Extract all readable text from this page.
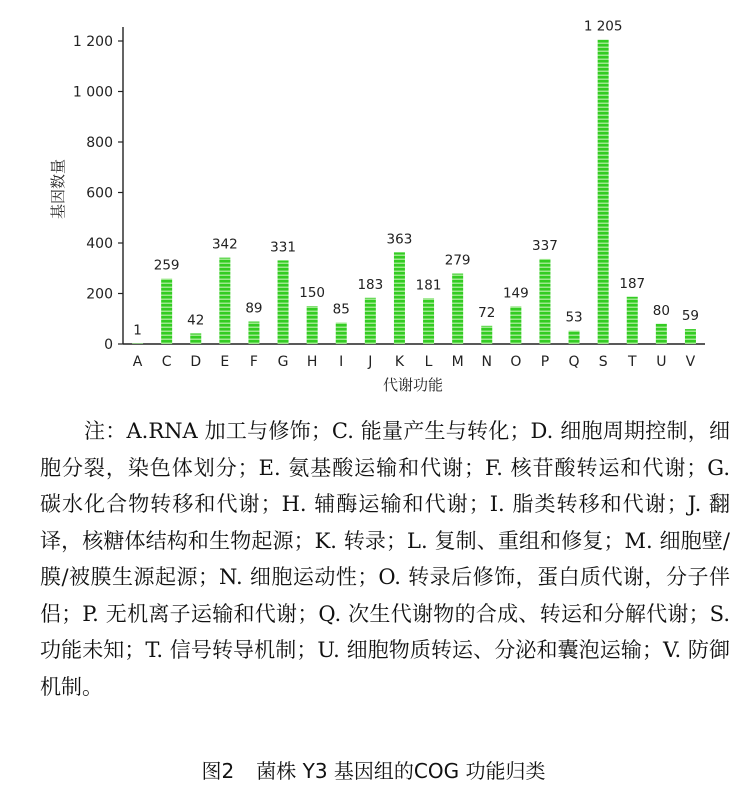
0
200
400
600
800
1 000
1 200
A C D E F G H I J K L M N O P Q S T U V
1
259
42
342
89
331
150
85
183
363
181
279
72
149
337
53
1 205
187
80 59
基因数量
代谢功能

注：A.RNA 加工与修饰；C. 能量产生与转化；D. 细胞周期控制，细胞分裂，染色体划分；E. 氨基酸运输和代谢；F. 核苷酸转运和代谢；G. 碳水化合物转移和代谢；H. 辅酶运输和代谢；I. 脂类转移和代谢；J. 翻译，核糖体结构和生物起源；K. 转录；L. 复制、重组和修复；M. 细胞壁/膜/被膜生源起源；N. 细胞运动性；O. 转录后修饰，蛋白质代谢，分子伴侣；P. 无机离子运输和代谢；Q. 次生代谢物的合成、转运和分解代谢；S. 功能未知；T. 信号转导机制；U. 细胞物质转运、分泌和囊泡运输；V. 防御机制。

图2 菌株 Y3 基因组的COG 功能归类
